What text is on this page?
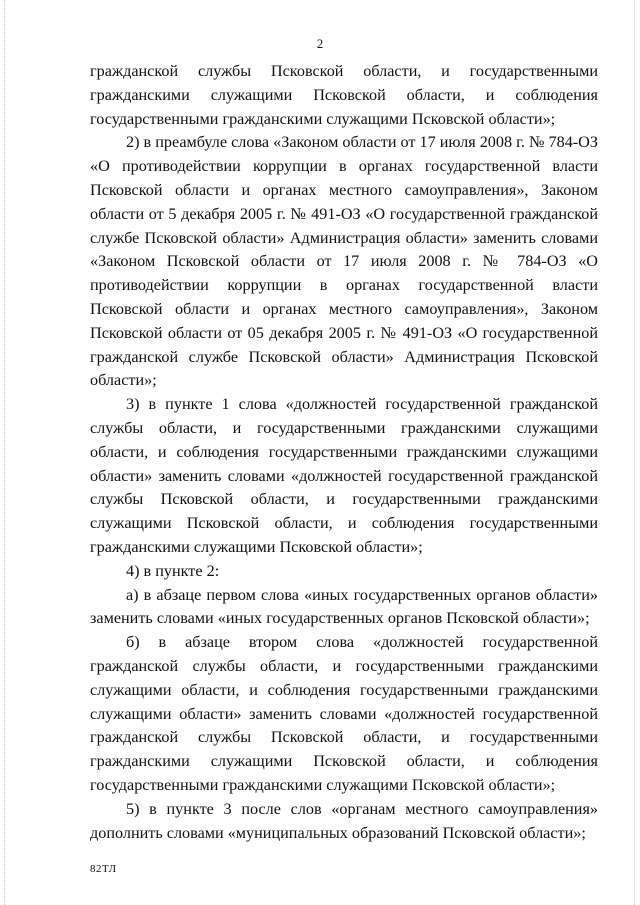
2

гражданской службы Псковской области, и государственными гражданскими служащими Псковской области, и соблюдения государственными гражданскими служащими Псковской области»;

2) в преамбуле слова «Законом области от 17 июля 2008 г. № 784-ОЗ «О противодействии коррупции в органах государственной власти Псковской области и органах местного самоуправления», Законом области от 5 декабря 2005 г. № 491-ОЗ «О государственной гражданской службе Псковской области» Администрация области» заменить словами «Законом Псковской области от 17 июля 2008 г. № 784-ОЗ «О противодействии коррупции в органах государственной власти Псковской области и органах местного самоуправления», Законом Псковской области от 05 декабря 2005 г. № 491-ОЗ «О государственной гражданской службе Псковской области» Администрация Псковской области»;

3) в пункте 1 слова «должностей государственной гражданской службы области, и государственными гражданскими служащими области, и соблюдения государственными гражданскими служащими области» заменить словами «должностей государственной гражданской службы Псковской области, и государственными гражданскими служащими Псковской области, и соблюдения государственными гражданскими служащими Псковской области»;

4) в пункте 2:

а) в абзаце первом слова «иных государственных органов области» заменить словами «иных государственных органов Псковской области»;

б) в абзаце втором слова «должностей государственной гражданской службы области, и государственными гражданскими служащими области, и соблюдения государственными гражданскими служащими области» заменить словами «должностей государственной гражданской службы Псковской области, и государственными гражданскими служащими Псковской области, и соблюдения государственными гражданскими служащими Псковской области»;

5) в пункте 3 после слов «органам местного самоуправления» дополнить словами «муниципальных образований Псковской области»;

82ТЛ
